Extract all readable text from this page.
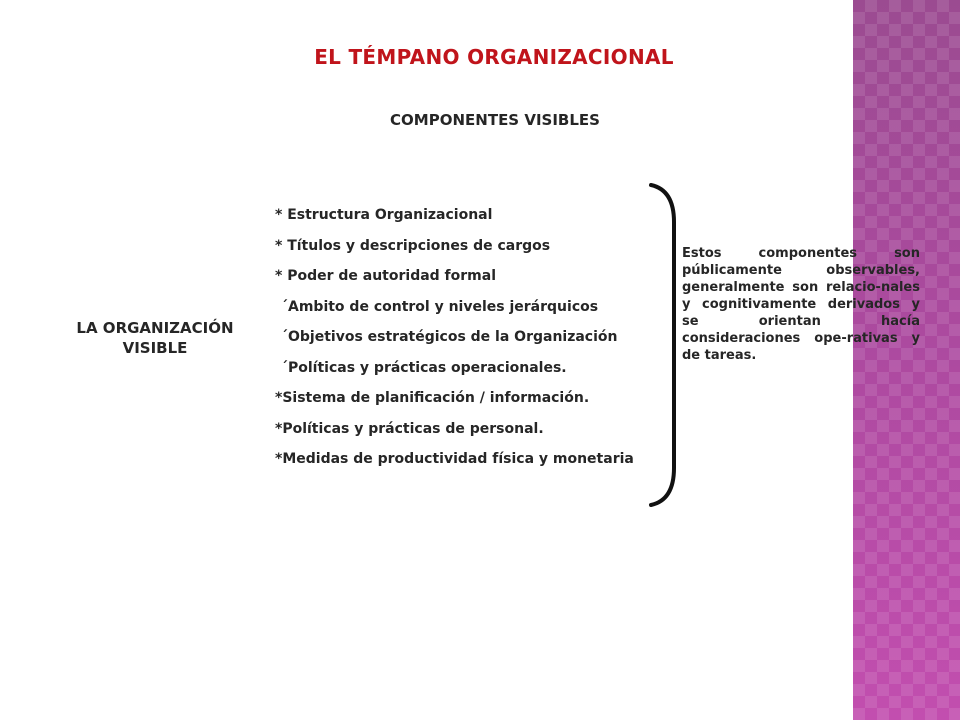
EL TÉMPANO ORGANIZACIONAL
COMPONENTES VISIBLES
LA ORGANIZACIÓN
VISIBLE
* Estructura Organizacional
* Títulos y descripciones de cargos
* Poder de autoridad formal
´Ambito de control y niveles jerárquicos
´Objetivos estratégicos de la Organización
´Políticas y prácticas operacionales.
*Sistema de planificación / información.
*Políticas y prácticas de personal.
*Medidas de productividad física y monetaria
Estos componentes son públicamente observables, generalmente son relacio-nales y cognitivamente derivados y se orientan hacía consideraciones ope-rativas y de tareas.
